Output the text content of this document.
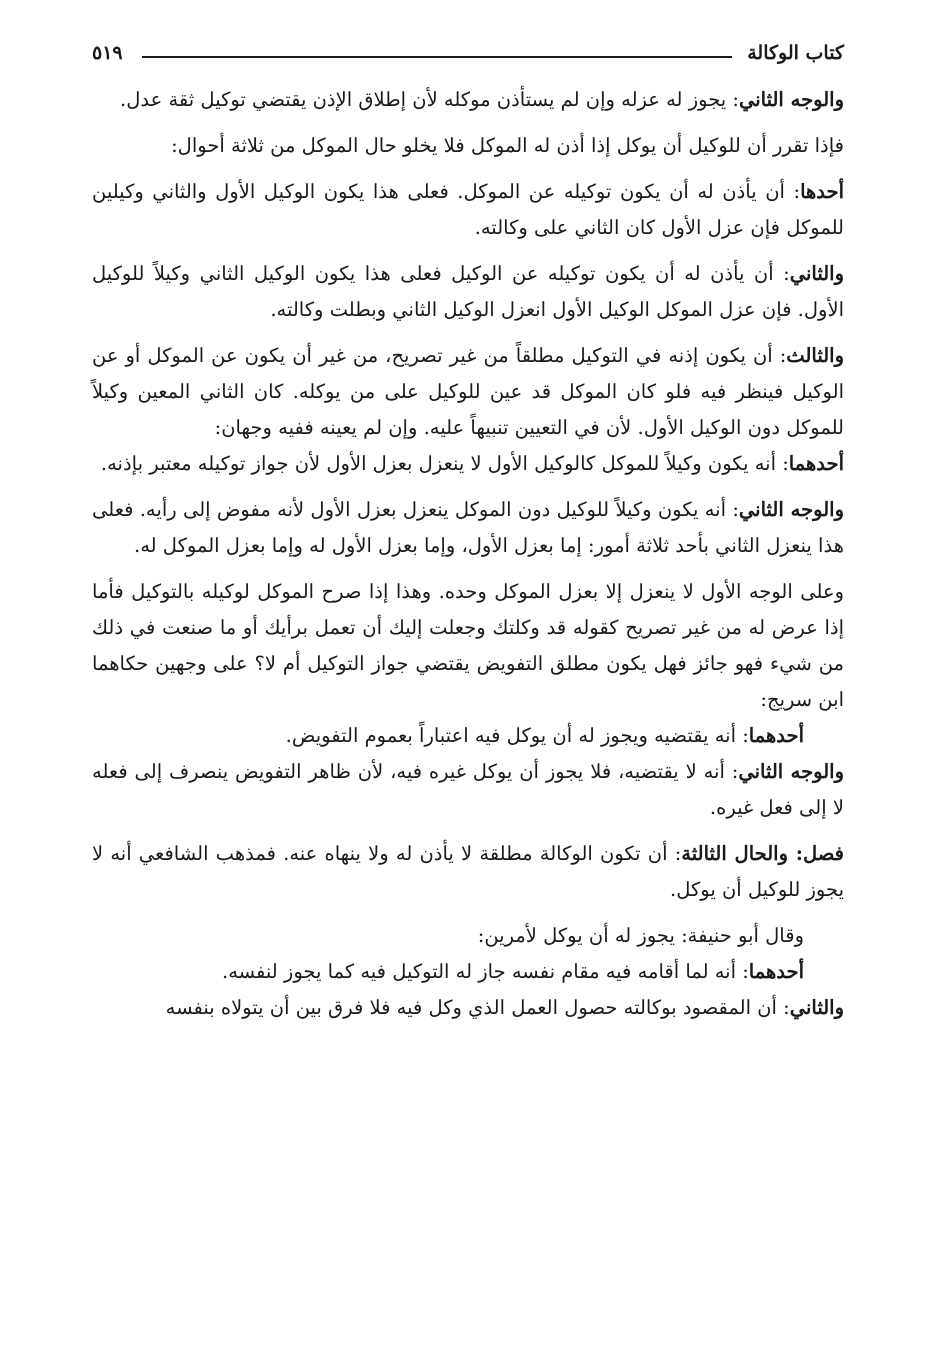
٥١٩	كتاب الوكالة

والوجه الثاني: يجوز له عزله وإن لم يستأذن موكله لأن إطلاق الإذن يقتضي توكيل ثقة عدل.

فإذا تقرر أن للوكيل أن يوكل إذا أذن له الموكل فلا يخلو حال الموكل من ثلاثة أحوال:

أحدها: أن يأذن له أن يكون توكيله عن الموكل. فعلى هذا يكون الوكيل الأول والثاني وكيلين للموكل فإن عزل الأول كان الثاني على وكالته.

والثاني: أن يأذن له أن يكون توكيله عن الوكيل فعلى هذا يكون الوكيل الثاني وكيلاً للوكيل الأول. فإن عزل الموكل الوكيل الأول انعزل الوكيل الثاني وبطلت وكالته.

والثالث: أن يكون إذنه في التوكيل مطلقاً من غير تصريح، من غير أن يكون عن الموكل أو عن الوكيل فينظر فيه فلو كان الموكل قد عين للوكيل على من يوكله. كان الثاني المعين وكيلاً للموكل دون الوكيل الأول. لأن في التعيين تنبيهاً عليه. وإن لم يعينه ففيه وجهان:

أحدهما: أنه يكون وكيلاً للموكل كالوكيل الأول لا ينعزل بعزل الأول لأن جواز توكيله معتبر بإذنه.

والوجه الثاني: أنه يكون وكيلاً للوكيل دون الموكل ينعزل بعزل الأول لأنه مفوض إلى رأيه. فعلى هذا ينعزل الثاني بأحد ثلاثة أمور: إما بعزل الأول، وإما بعزل الأول له وإما بعزل الموكل له.

وعلى الوجه الأول لا ينعزل إلا بعزل الموكل وحده. وهذا إذا صرح الموكل لوكيله بالتوكيل فأما إذا عرض له من غير تصريح كقوله قد وكلتك وجعلت إليك أن تعمل برأيك أو ما صنعت في ذلك من شيء فهو جائز فهل يكون مطلق التفويض يقتضي جواز التوكيل أم لا؟ على وجهين حكاهما ابن سريج:

أحدهما: أنه يقتضيه ويجوز له أن يوكل فيه اعتباراً بعموم التفويض.

والوجه الثاني: أنه لا يقتضيه، فلا يجوز أن يوكل غيره فيه، لأن ظاهر التفويض ينصرف إلى فعله لا إلى فعل غيره.

فصل: والحال الثالثة: أن تكون الوكالة مطلقة لا يأذن له ولا ينهاه عنه. فمذهب الشافعي أنه لا يجوز للوكيل أن يوكل.

وقال أبو حنيفة: يجوز له أن يوكل لأمرين:

أحدهما: أنه لما أقامه فيه مقام نفسه جاز له التوكيل فيه كما يجوز لنفسه.

والثاني: أن المقصود بوكالته حصول العمل الذي وكل فيه فلا فرق بين أن يتولاه بنفسه
